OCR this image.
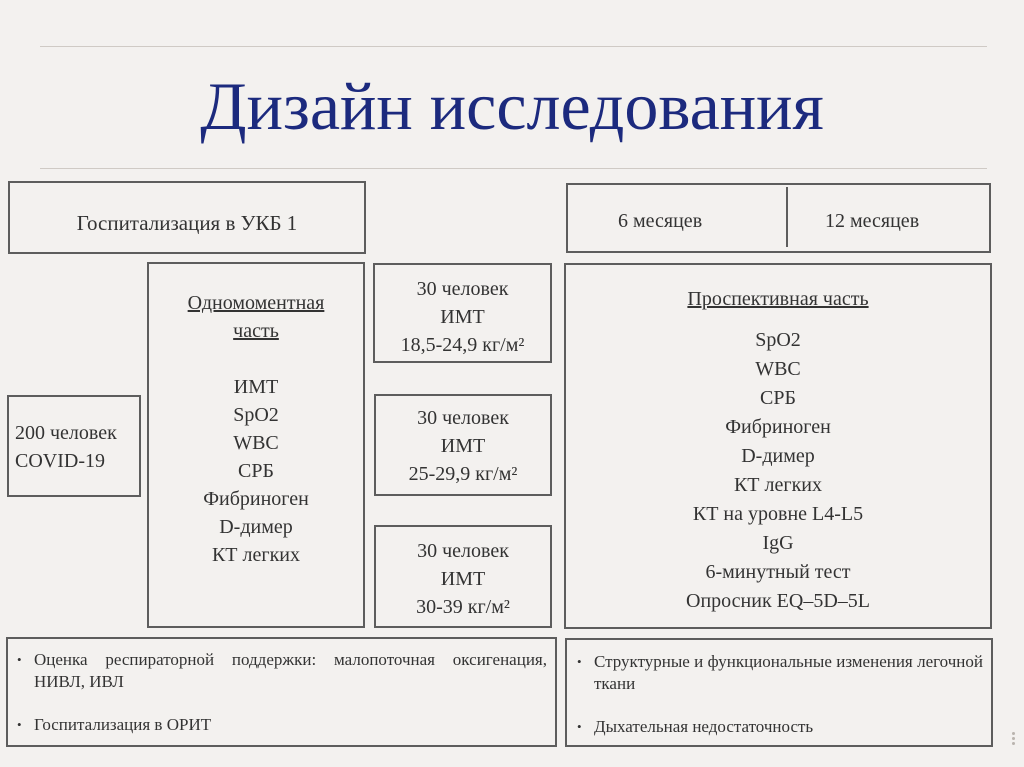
Дизайн исследования
Госпитализация в УКБ 1	6 месяцев	12 месяцев
200 человек
COVID-19
Одномоментная
часть
ИМТ
SpO2
WBC
СРБ
Фибриноген
D-димер
КТ легких
30 человек
ИМТ
18,5-24,9 кг/м²
30 человек
ИМТ
25-29,9 кг/м²
30 человек
ИМТ
30-39 кг/м²
Проспективная часть
SpO2
WBC
СРБ
Фибриноген
D-димер
КТ легких
КТ на уровне L4-L5
IgG
6-минутный тест
Опросник EQ–5D–5L
• Оценка респираторной поддержки: малопоточная оксигенация, НИВЛ, ИВЛ
• Госпитализация в ОРИТ
• Структурные и функциональные изменения легочной ткани
• Дыхательная недостаточность
